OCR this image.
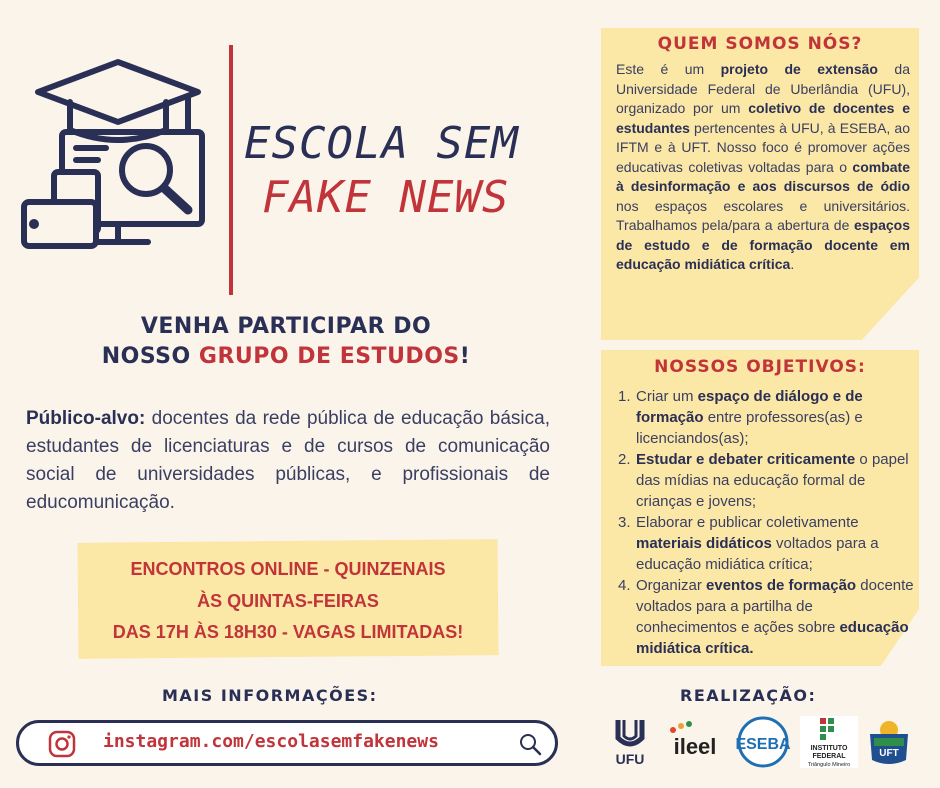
ESCOLA SEM
FAKE NEWS
VENHA PARTICIPAR DO
NOSSO GRUPO DE ESTUDOS!
Público-alvo: docentes da rede pública de educação básica, estudantes de licenciaturas e de cursos de comunicação social de universidades públicas, e profissionais de educomunicação.
ENCONTROS ONLINE - QUINZENAIS
ÀS QUINTAS-FEIRAS
DAS 17H ÀS 18H30 - VAGAS LIMITADAS!
MAIS INFORMAÇÕES:
instagram.com/escolasemfakenews
QUEM SOMOS NÓS?
Este é um projeto de extensão da Universidade Federal de Uberlândia (UFU), organizado por um coletivo de docentes e estudantes pertencentes à UFU, à ESEBA, ao IFTM e à UFT. Nosso foco é promover ações educativas coletivas voltadas para o combate à desinformação e aos discursos de ódio nos espaços escolares e universitários. Trabalhamos pela/para a abertura de espaços de estudo e de formação docente em educação midiática crítica.
NOSSOS OBJETIVOS:
1. Criar um espaço de diálogo e de formação entre professores(as) e licenciandos(as);
2. Estudar e debater criticamente o papel das mídias na educação formal de crianças e jovens;
3. Elaborar e publicar coletivamente materiais didáticos voltados para a educação midiática crítica;
4. Organizar eventos de formação docente voltados para a partilha de conhecimentos e ações sobre educação midiática crítica.
REALIZAÇÃO:
UFU ileel ESEBA	INSTITUTO
FEDERAL
Triângulo Mineiro
UFT
